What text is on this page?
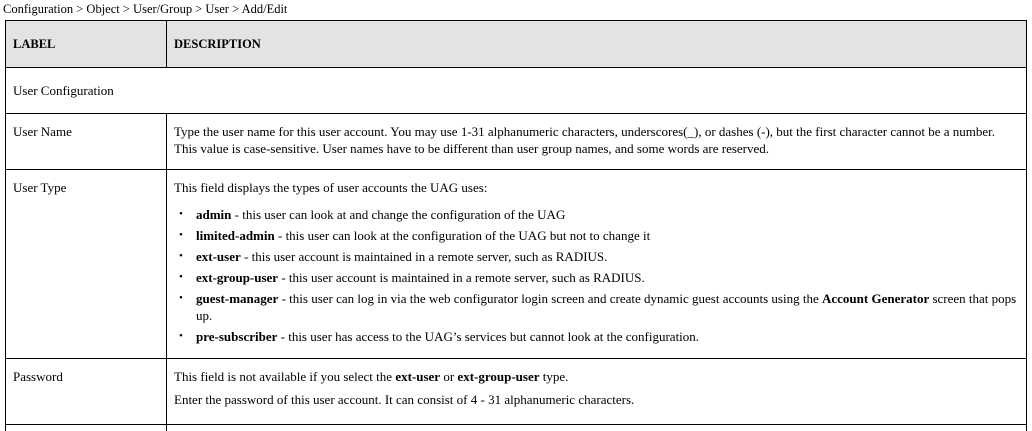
Configuration > Object > User/Group > User > Add/Edit
LABEL	DESCRIPTION
User Configuration	
User Name	Type the user name for this user account. You may use 1-31 alphanumeric characters, underscores(_), or dashes (-), but the first character cannot be a number. This value is case-sensitive. User names have to be different than user group names, and some words are reserved.

User Type	This field displays the types of user accounts the UAG uses:

• admin - this user can look at and change the configuration of the UAG
• limited-admin - this user can look at the configuration of the UAG but not to change it
• ext-user - this user account is maintained in a remote server, such as RADIUS.
• ext-group-user - this user account is maintained in a remote server, such as RADIUS.
• guest-manager - this user can log in via the web configurator login screen and create dynamic guest accounts using the Account Generator screen that pops up.
• pre-subscriber - this user has access to the UAG’s services but cannot look at the configuration.

Password	This field is not available if you select the ext-user or ext-group-user type.

Enter the password of this user account. It can consist of 4 - 31 alphanumeric characters.
